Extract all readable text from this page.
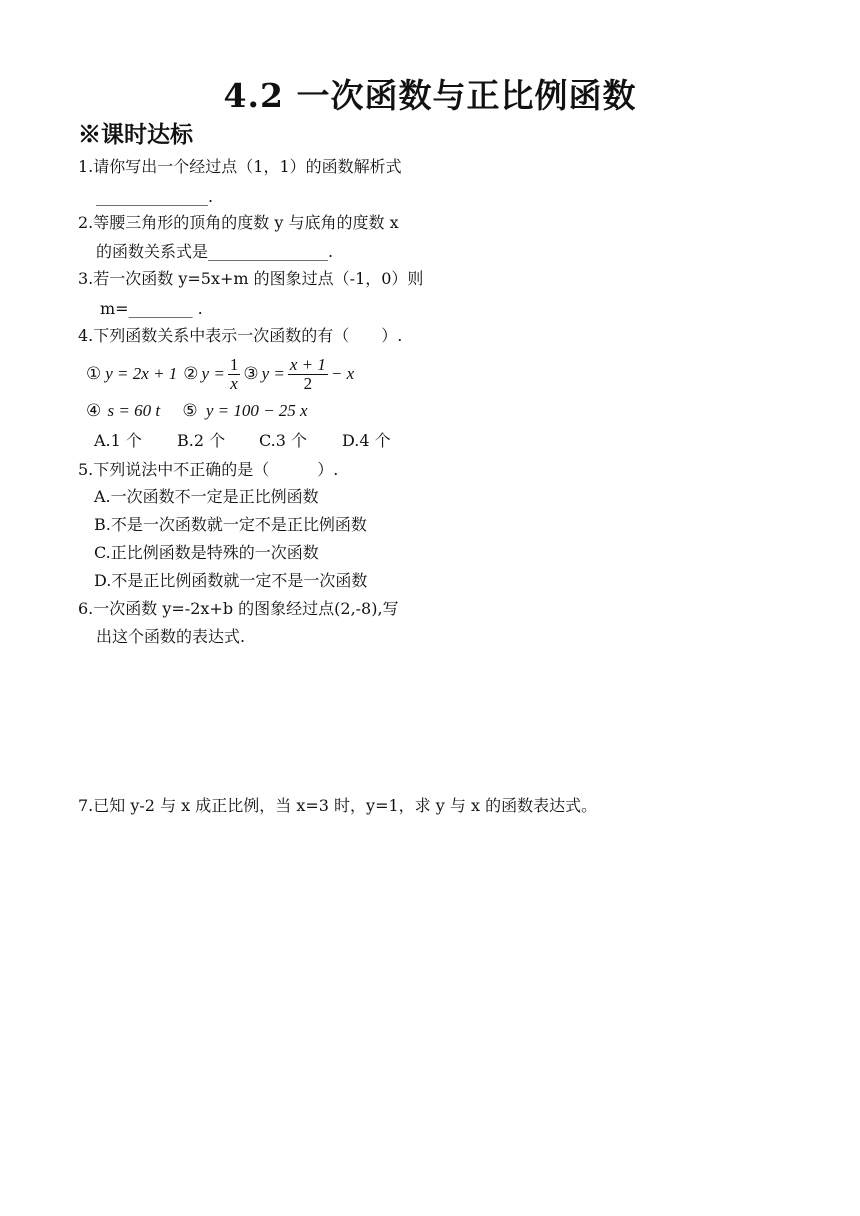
4.2 一次函数与正比例函数
※课时达标
1.请你写出一个经过点（1，1）的函数解析式
______________.
2.等腰三角形的顶角的度数 y 与底角的度数 x
的函数关系式是_______________.
3.若一次函数 y=5x+m 的图象过点（-1，0）则
m=________ .
4.下列函数关系中表示一次函数的有（　　）.
① y = 2x + 1 ② $y = \frac{1}{x}$ ③ $y = \frac{x + 1}{2} - x$
④ s = 60 t ⑤ y = 100 − 25 x
A.1 个 B.2 个 C.3 个 D.4 个
5.下列说法中不正确的是（　　　）.
A.一次函数不一定是正比例函数
B.不是一次函数就一定不是正比例函数
C.正比例函数是特殊的一次函数
D.不是正比例函数就一定不是一次函数
6.一次函数 y=-2x+b 的图象经过点(2,-8),写
出这个函数的表达式.
7.已知 y-2 与 x 成正比例，当 x=3 时，y=1，求 y 与 x 的函数表达式。
